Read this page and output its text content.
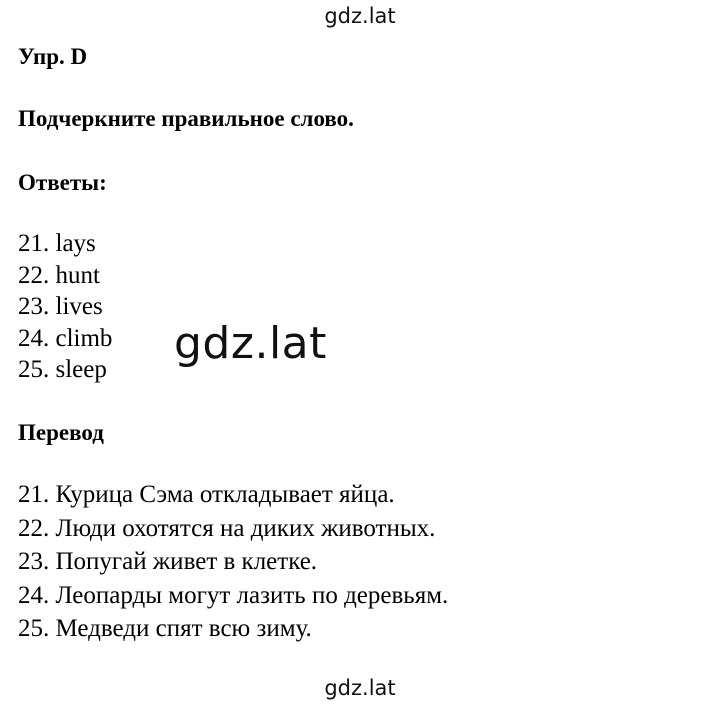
gdz.lat
Упр. D
Подчеркните правильное слово.
Ответы:
21. lays
22. hunt
23. lives
24. climb
25. sleep
gdz.lat
Перевод
21. Курица Сэма откладывает яйца.
22. Люди охотятся на диких животных.
23. Попугай живет в клетке.
24. Леопарды могут лазить по деревьям.
25. Медведи спят всю зиму.
gdz.lat
